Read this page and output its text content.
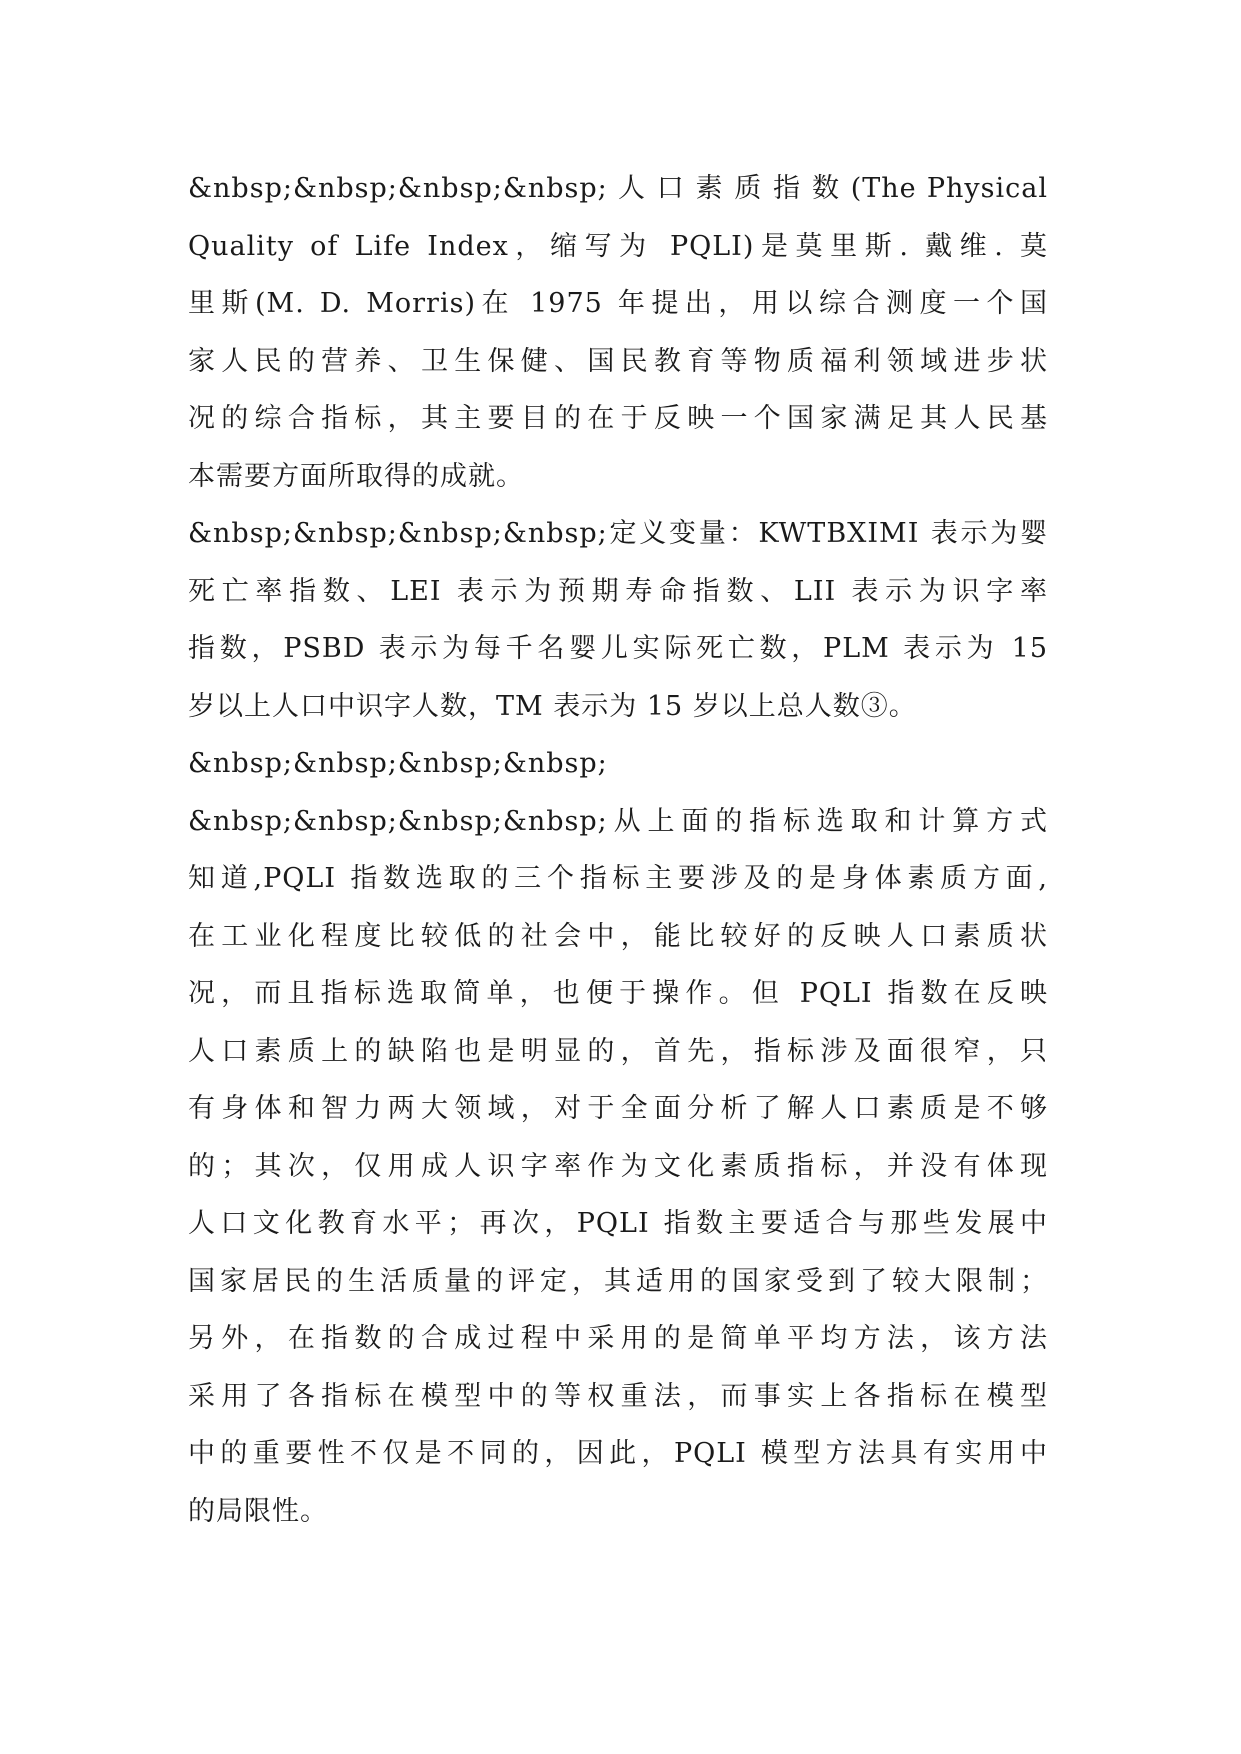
&nbsp;&nbsp;&nbsp;&nbsp; 人 口 素 质 指 数 (The Physical
Quality of Life Index，缩写为 PQLI)是莫里斯. 戴维. 莫
里斯(M. D. Morris)在 1975 年提出，用以综合测度一个国
家人民的营养、卫生保健、国民教育等物质福利领域进步状
况的综合指标，其主要目的在于反映一个国家满足其人民基
本需要方面所取得的成就。
&nbsp;&nbsp;&nbsp;&nbsp;定义变量：KWTBXIMI 表示为婴
死亡率指数、LEI 表示为预期寿命指数、LII 表示为识字率
指数，PSBD 表示为每千名婴儿实际死亡数，PLM 表示为 15
岁以上人口中识字人数，TM 表示为 15 岁以上总人数③。
&nbsp;&nbsp;&nbsp;&nbsp;
&nbsp;&nbsp;&nbsp;&nbsp;从上面的指标选取和计算方式
知道,PQLI 指数选取的三个指标主要涉及的是身体素质方面,
在工业化程度比较低的社会中，能比较好的反映人口素质状
况，而且指标选取简单，也便于操作。但 PQLI 指数在反映
人口素质上的缺陷也是明显的，首先，指标涉及面很窄，只
有身体和智力两大领域，对于全面分析了解人口素质是不够
的；其次，仅用成人识字率作为文化素质指标，并没有体现
人口文化教育水平；再次，PQLI 指数主要适合与那些发展中
国家居民的生活质量的评定，其适用的国家受到了较大限制；
另外，在指数的合成过程中采用的是简单平均方法，该方法
采用了各指标在模型中的等权重法，而事实上各指标在模型
中的重要性不仅是不同的，因此，PQLI 模型方法具有实用中
的局限性。
